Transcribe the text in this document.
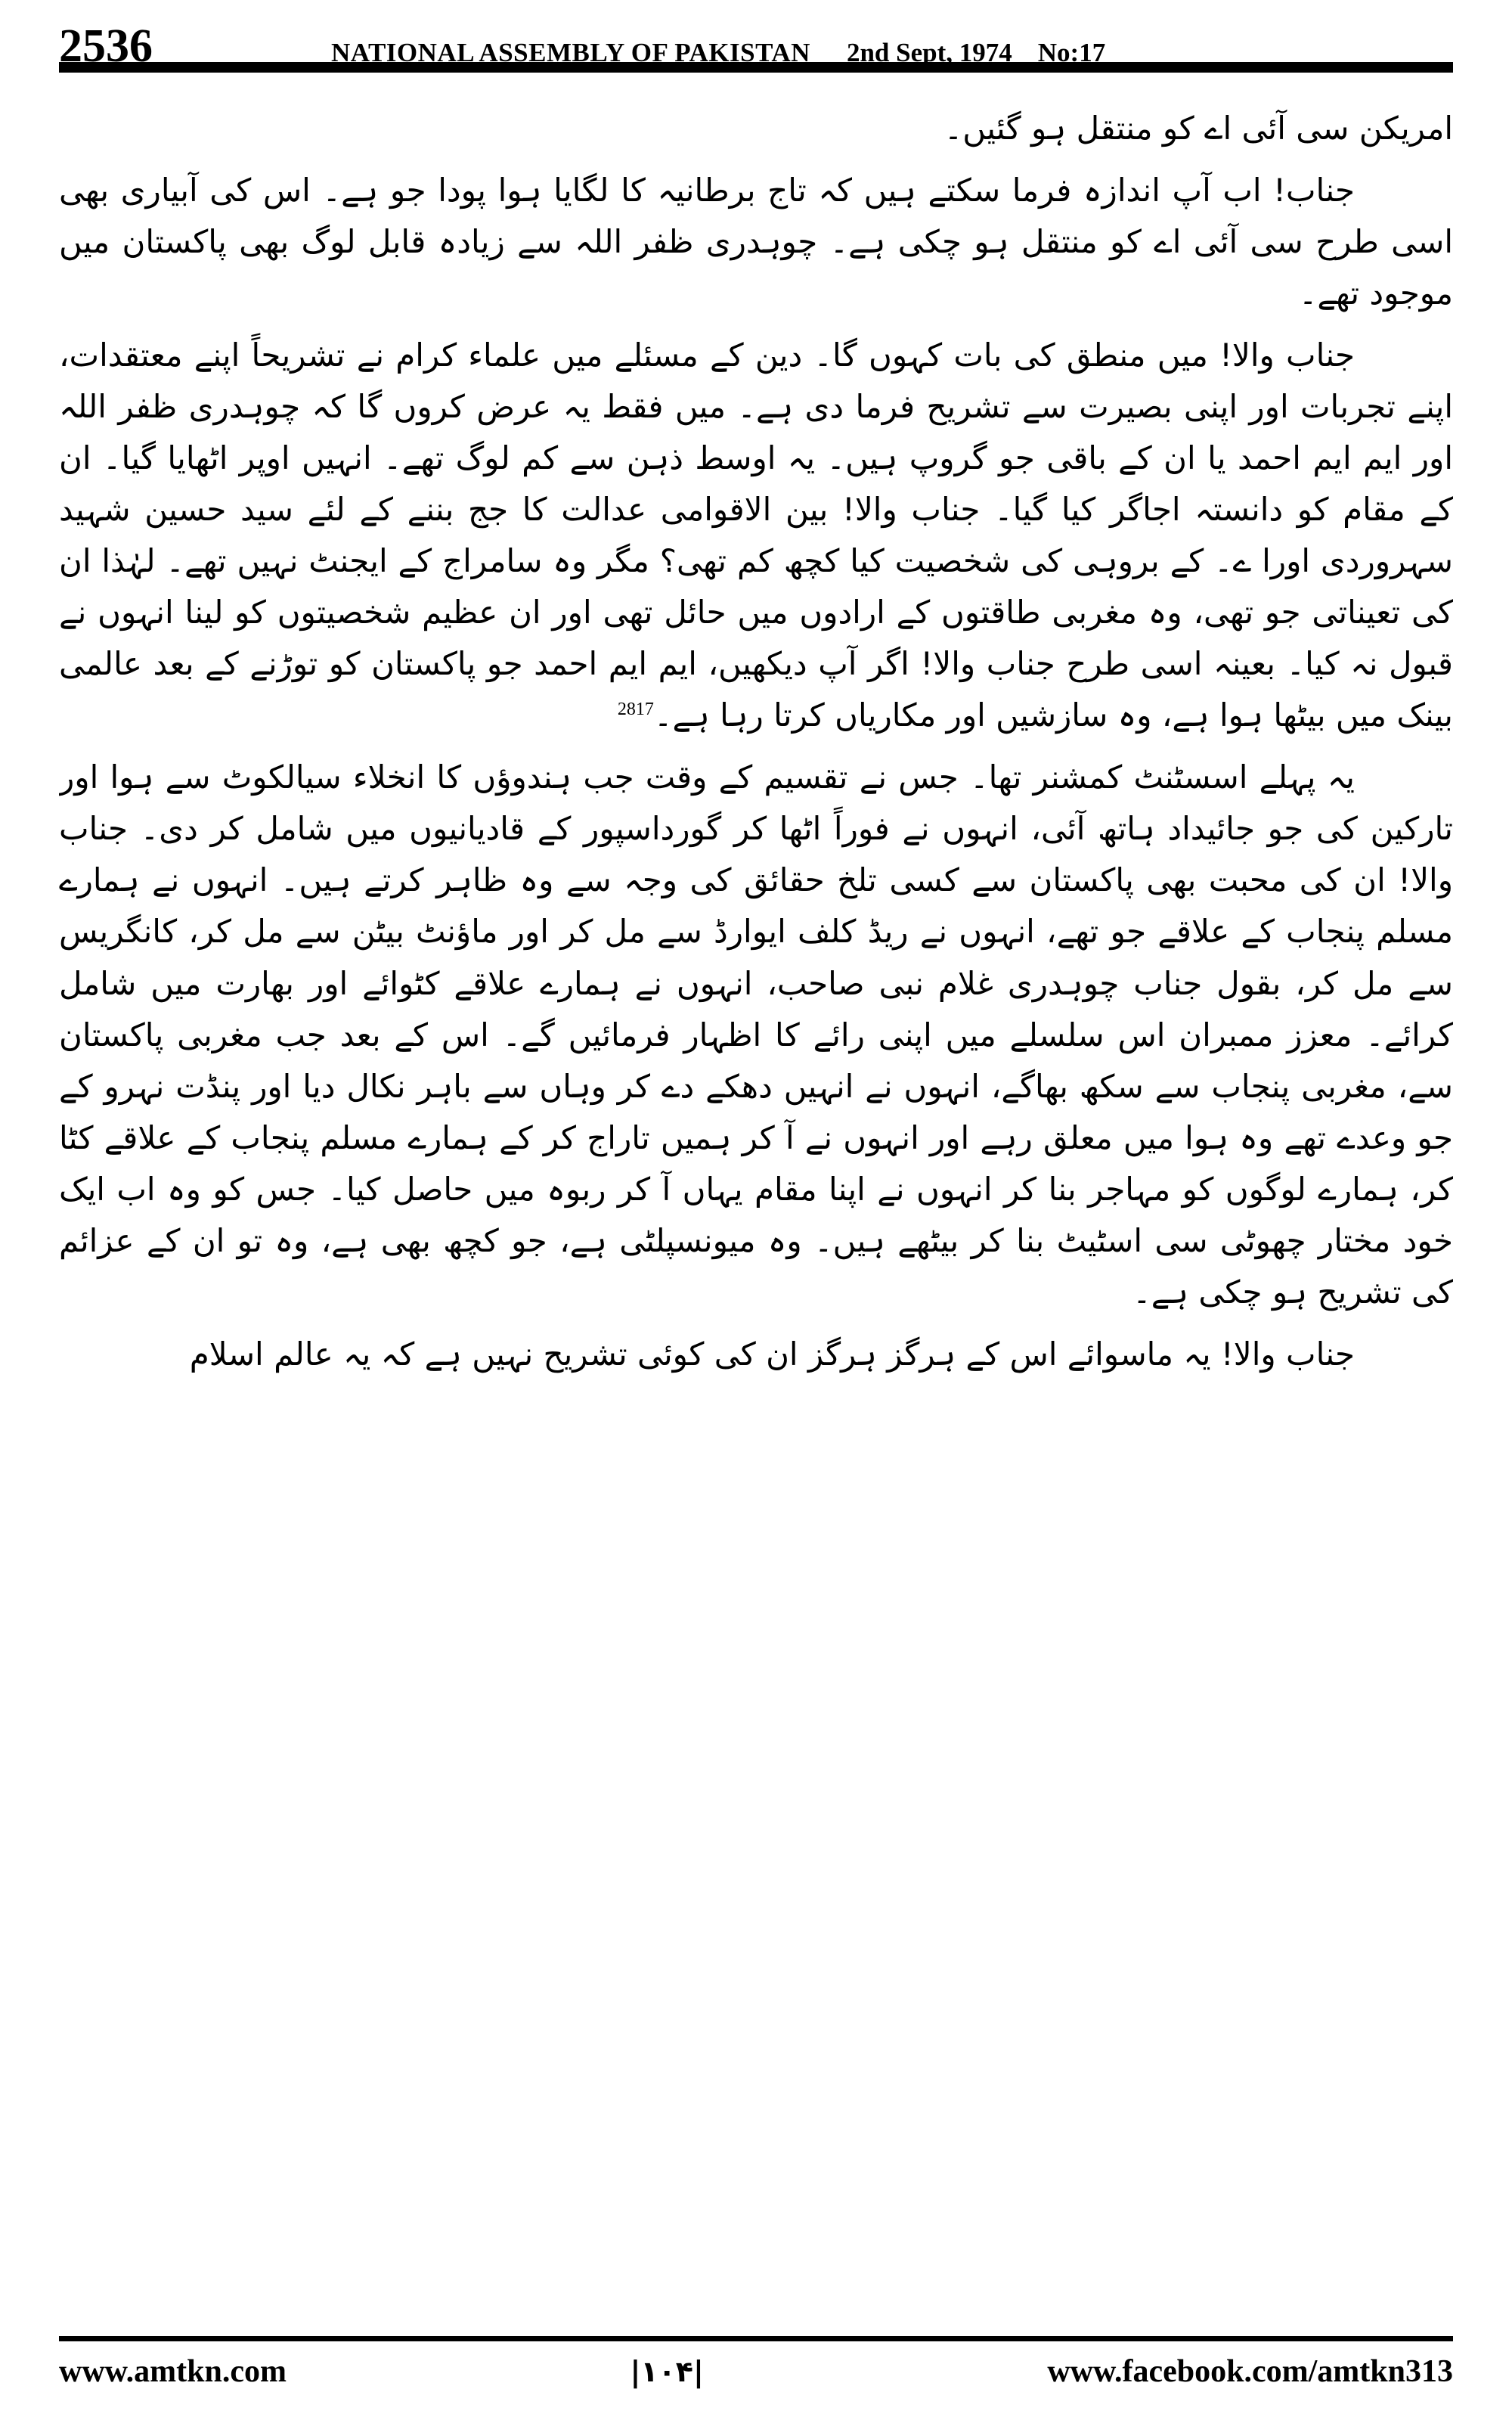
2536	NATIONAL ASSEMBLY OF PAKISTAN 2nd Sept, 1974 No:17

امریکن سی آئی اے کو منتقل ہو گئیں۔

جناب! اب آپ اندازہ فرما سکتے ہیں کہ تاج برطانیہ کا لگایا ہوا پودا جو ہے۔ اس کی آبیاری بھی اسی طرح سی آئی اے کو منتقل ہو چکی ہے۔ چوہدری ظفر اللہ سے زیادہ قابل لوگ بھی پاکستان میں موجود تھے۔

جناب والا! میں منطق کی بات کہوں گا۔ دین کے مسئلے میں علماء کرام نے تشریحاً اپنے معتقدات، اپنے تجربات اور اپنی بصیرت سے تشریح فرما دی ہے۔ میں فقط یہ عرض کروں گا کہ چوہدری ظفر اللہ اور ایم ایم احمد یا ان کے باقی جو گروپ ہیں۔ یہ اوسط ذہن سے کم لوگ تھے۔ انہیں اوپر اٹھایا گیا۔ ان کے مقام کو دانستہ اجاگر کیا گیا۔ جناب والا! بین الاقوامی عدالت کا جج بننے کے لئے سید حسین شہید سہروردی اورا ے۔ کے بروہی کی شخصیت کیا کچھ کم تھی؟ مگر وہ سامراج کے ایجنٹ نہیں تھے۔ لہٰذا ان کی تعیناتی جو تھی، وہ مغربی طاقتوں کے ارادوں میں حائل تھی اور ان عظیم شخصیتوں کو لینا انہوں نے قبول نہ کیا۔ بعینہ اسی طرح جناب والا! اگر آپ دیکھیں، ایم ایم احمد جو پاکستان کو توڑنے کے بعد عالمی بینک میں بیٹھا ہوا ہے، وہ سازشیں اور مکاریاں کرتا رہا ہے۔$^{2817}$

یہ پہلے اسسٹنٹ کمشنر تھا۔ جس نے تقسیم کے وقت جب ہندوؤں کا انخلاء سیالکوٹ سے ہوا اور تارکین کی جو جائیداد ہاتھ آئی، انہوں نے فوراً اٹھا کر گورداسپور کے قادیانیوں میں شامل کر دی۔ جناب والا! ان کی محبت بھی پاکستان سے کسی تلخ حقائق کی وجہ سے وہ ظاہر کرتے ہیں۔ انہوں نے ہمارے مسلم پنجاب کے علاقے جو تھے، انہوں نے ریڈ کلف ایوارڈ سے مل کر اور ماؤنٹ بیٹن سے مل کر، کانگریس سے مل کر، بقول جناب چوہدری غلام نبی صاحب، انہوں نے ہمارے علاقے کٹوائے اور بھارت میں شامل کرائے۔ معزز ممبران اس سلسلے میں اپنی رائے کا اظہار فرمائیں گے۔ اس کے بعد جب مغربی پاکستان سے، مغربی پنجاب سے سکھ بھاگے، انہوں نے انہیں دھکے دے کر وہاں سے باہر نکال دیا اور پنڈت نہرو کے جو وعدے تھے وہ ہوا میں معلق رہے اور انہوں نے آ کر ہمیں تاراج کر کے ہمارے مسلم پنجاب کے علاقے کٹا کر، ہمارے لوگوں کو مہاجر بنا کر انہوں نے اپنا مقام یہاں آ کر ربوہ میں حاصل کیا۔ جس کو وہ اب ایک خود مختار چھوٹی سی اسٹیٹ بنا کر بیٹھے ہیں۔ وہ میونسپلٹی ہے، جو کچھ بھی ہے، وہ تو ان کے عزائم کی تشریح ہو چکی ہے۔

جناب والا! یہ ماسوائے اس کے ہرگز ہرگز ان کی کوئی تشریح نہیں ہے کہ یہ عالم اسلام

www.amtkn.com	|۱۰۴|	www.facebook.com/amtkn313
